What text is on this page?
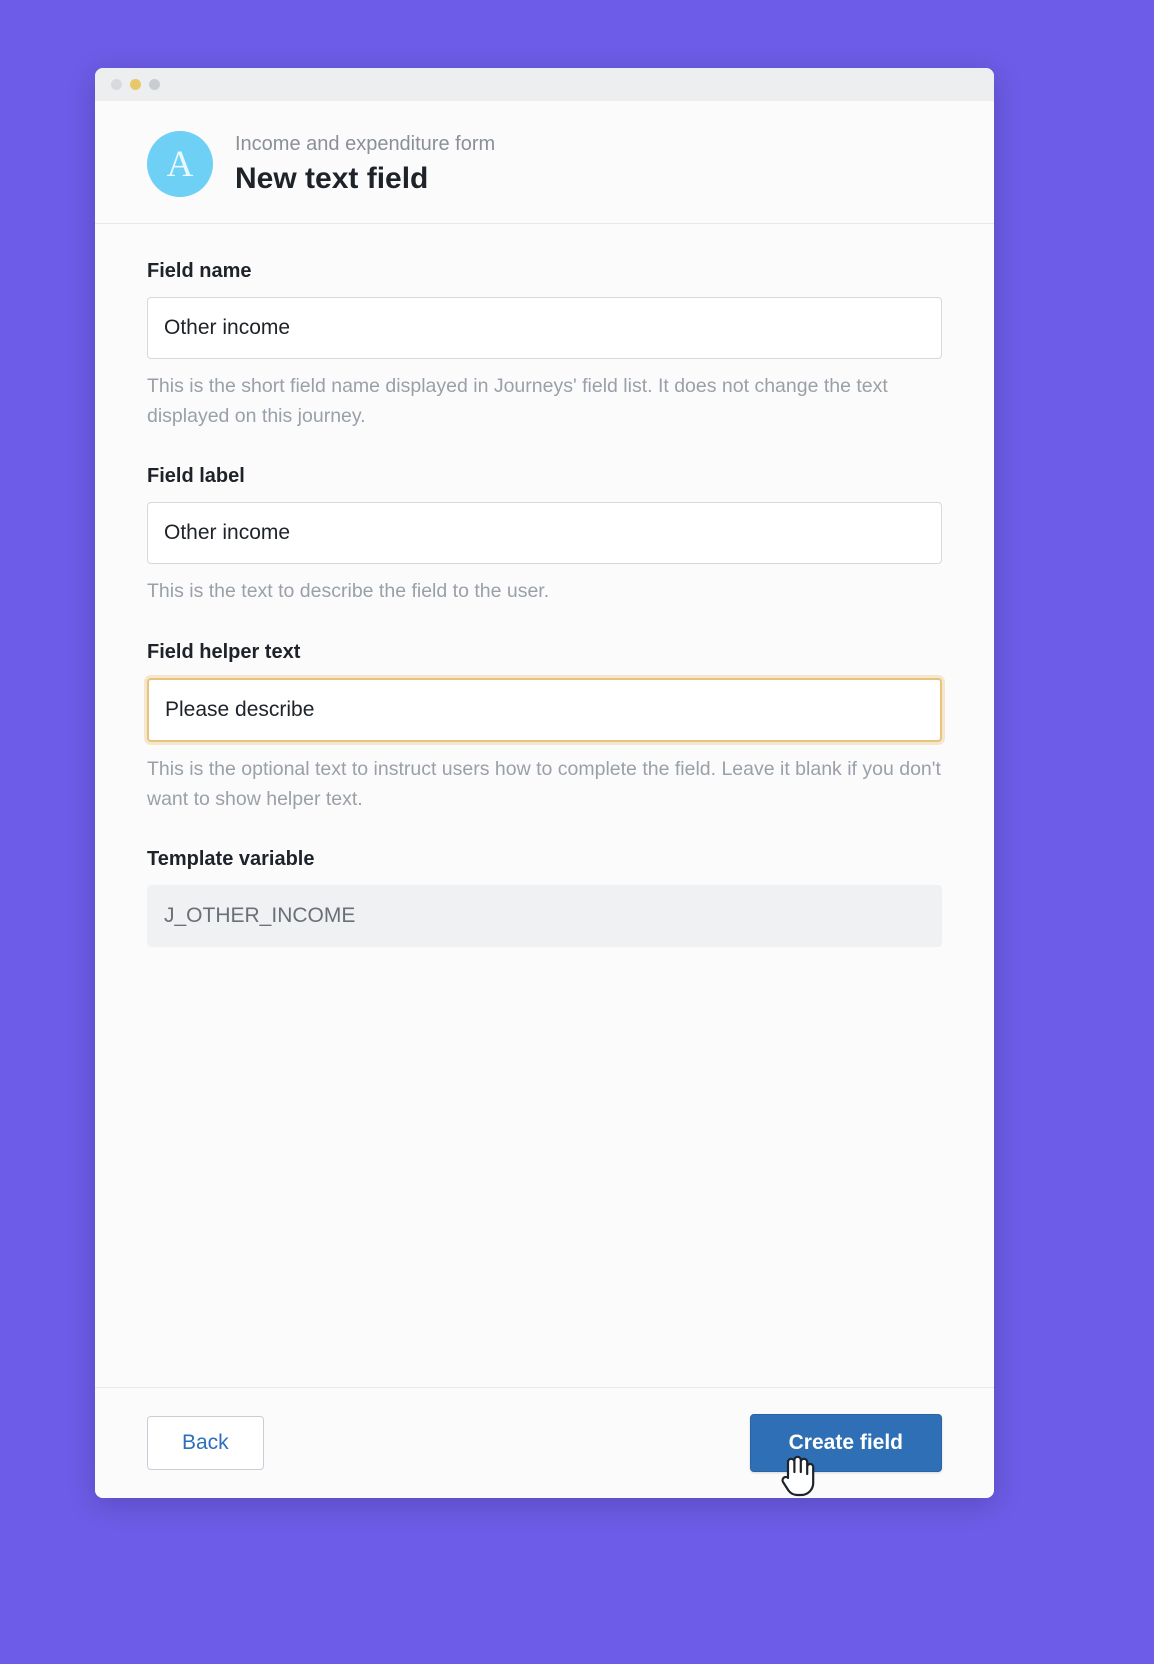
A	Income and expenditure form
New text field
Field name
Other income
This is the short field name displayed in Journeys' field list. It does not change the text displayed on this journey.
Field label
Other income
This is the text to describe the field to the user.
Field helper text
Please describe
This is the optional text to instruct users how to complete the field. Leave it blank if you don't want to show helper text.
Template variable
J_OTHER_INCOME
Back	Create field
